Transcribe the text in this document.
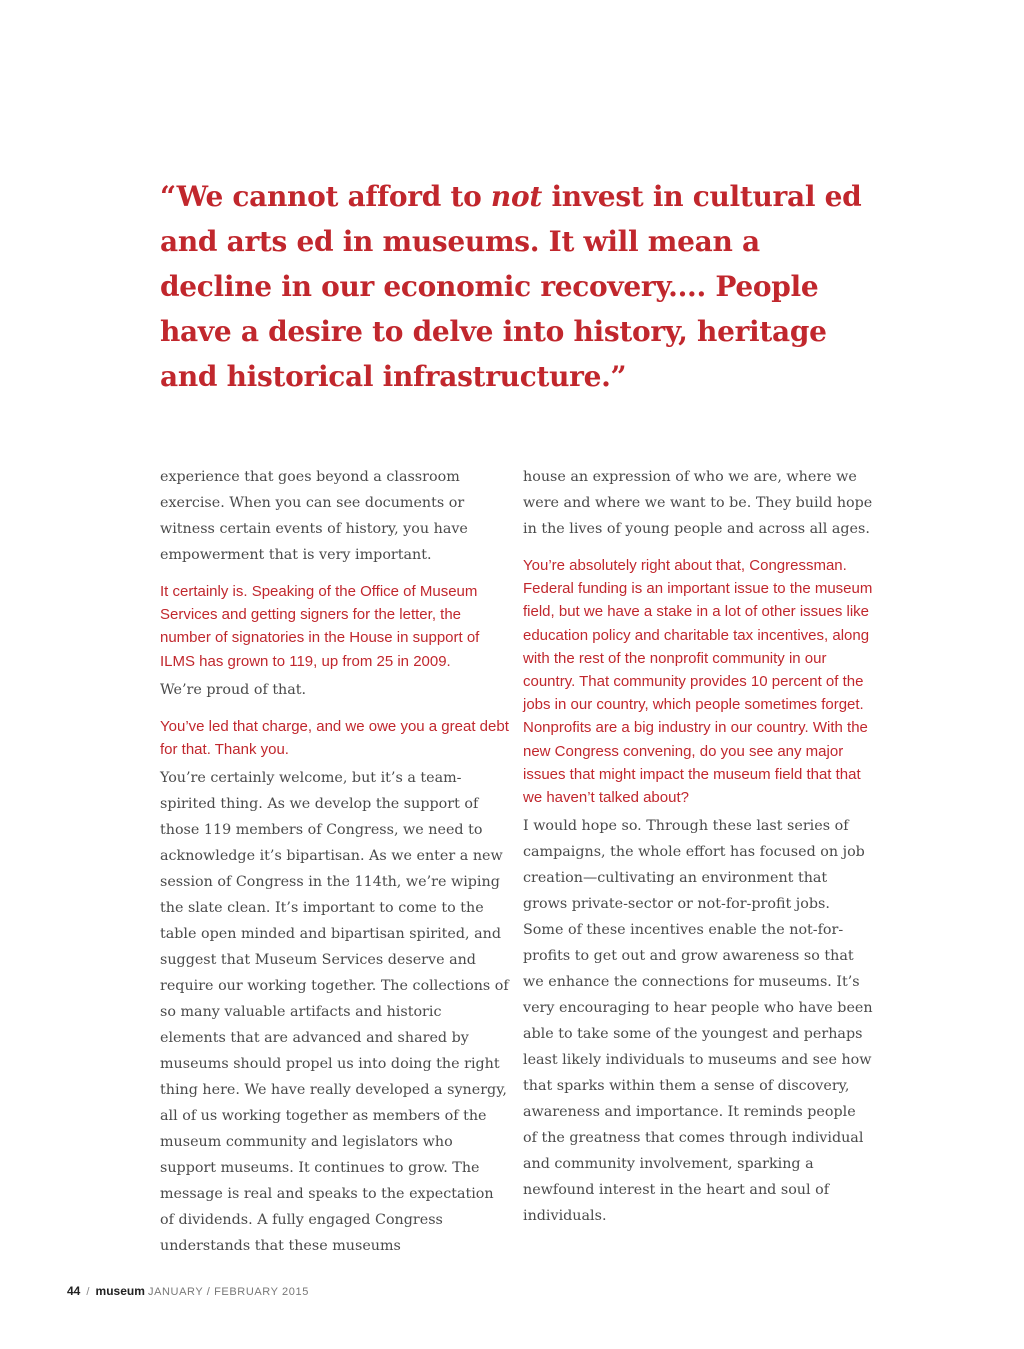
“We cannot afford to not invest in cultural ed and arts ed in museums. It will mean a decline in our economic recovery.... People have a desire to delve into history, heritage and historical infrastructure.”

experience that goes beyond a classroom exercise. When you can see documents or witness certain events of history, you have empowerment that is very important.

It certainly is. Speaking of the Office of Museum Services and getting signers for the letter, the number of signatories in the House in support of ILMS has grown to 119, up from 25 in 2009.

We’re proud of that.

You’ve led that charge, and we owe you a great debt for that. Thank you.

You’re certainly welcome, but it’s a team-spirited thing. As we develop the support of those 119 members of Congress, we need to acknowledge it’s bipartisan. As we enter a new session of Congress in the 114th, we’re wiping the slate clean. It’s important to come to the table open minded and bipartisan spirited, and suggest that Museum Services deserve and require our working together. The collections of so many valuable artifacts and historic elements that are advanced and shared by museums should propel us into doing the right thing here. We have really developed a synergy, all of us working together as members of the museum community and legislators who support museums. It continues to grow. The message is real and speaks to the expectation of dividends. A fully engaged Congress understands that these museums

house an expression of who we are, where we were and where we want to be. They build hope in the lives of young people and across all ages.

You’re absolutely right about that, Congressman. Federal funding is an important issue to the museum field, but we have a stake in a lot of other issues like education policy and charitable tax incentives, along with the rest of the nonprofit community in our country. That community provides 10 percent of the jobs in our country, which people sometimes forget. Nonprofits are a big industry in our country. With the new Congress convening, do you see any major issues that might impact the museum field that that we haven’t talked about?

I would hope so. Through these last series of campaigns, the whole effort has focused on job creation—cultivating an environment that grows private-sector or not-for-profit jobs. Some of these incentives enable the not-for-profits to get out and grow awareness so that we enhance the connections for museums. It’s very encouraging to hear people who have been able to take some of the youngest and perhaps least likely individuals to museums and see how that sparks within them a sense of discovery, awareness and importance. It reminds people of the greatness that comes through individual and community involvement, sparking a newfound interest in the heart and soul of individuals.

44 / museum JANUARY / FEBRUARY 2015
